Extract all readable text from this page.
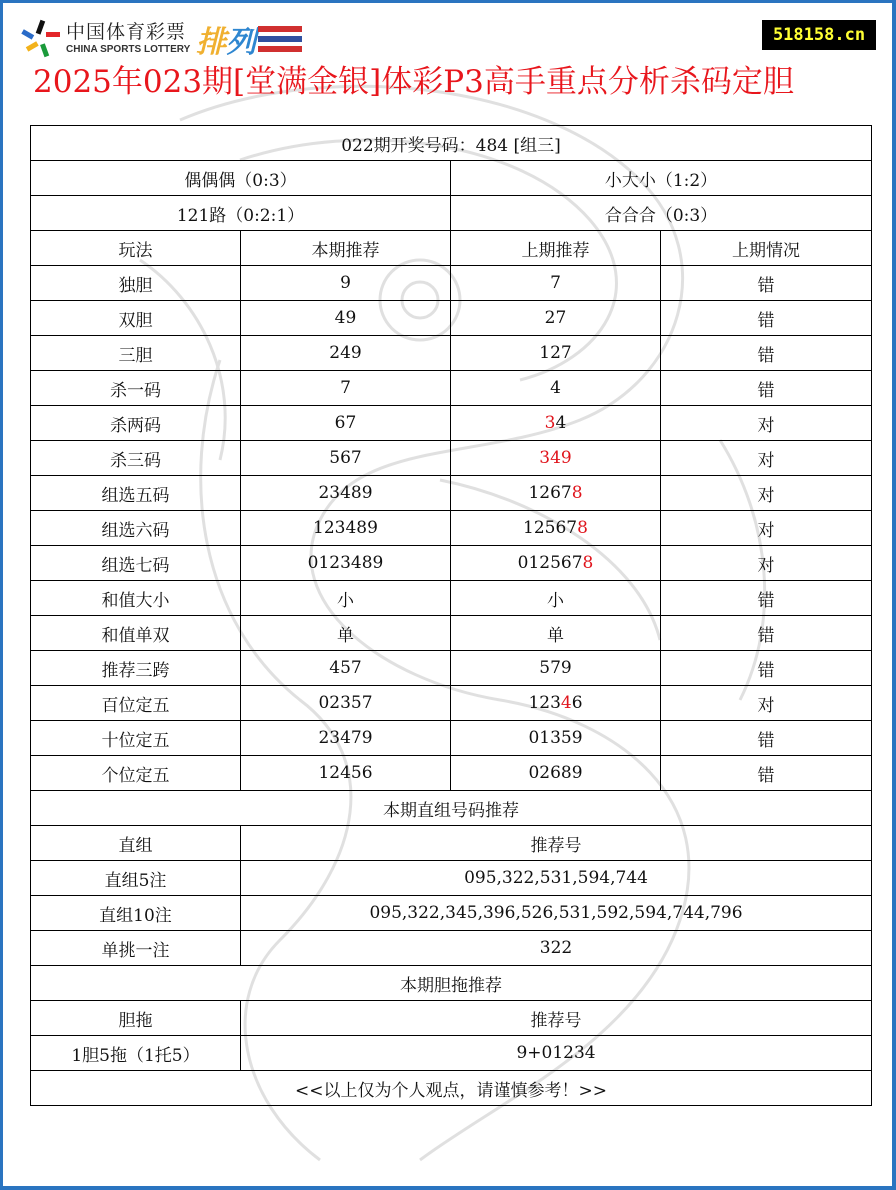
中国体育彩票
CHINA SPORTS LOTTERY 排 列	518158.cn
2025年023期[堂满金银]体彩P3高手重点分析杀码定胆
022期开奖号码：484 [组三]			
偶偶偶（0:3）		小大小（1:2）	
121路（0:2:1）		合合合（0:3）	
玩法	本期推荐	上期推荐	上期情况
独胆	9	7	错
双胆	49	27	错
三胆	249	127	错
杀一码	7	4	错
杀两码	67	34	对
杀三码	567	349	对
组选五码	23489	12678	对
组选六码	123489	125678	对
组选七码	0123489	0125678	对
和值大小	小	小	错
和值单双	单	单	错
推荐三跨	457	579	错
百位定五	02357	12346	对
十位定五	23479	01359	错
个位定五	12456	02689	错
本期直组号码推荐			
直组	推荐号		
直组5注	095,322,531,594,744		
直组10注	095,322,345,396,526,531,592,594,744,796		
单挑一注	322		
本期胆拖推荐			
胆拖	推荐号		
1胆5拖（1托5）	9+01234		
<<以上仅为个人观点，请谨慎参考！>>			
